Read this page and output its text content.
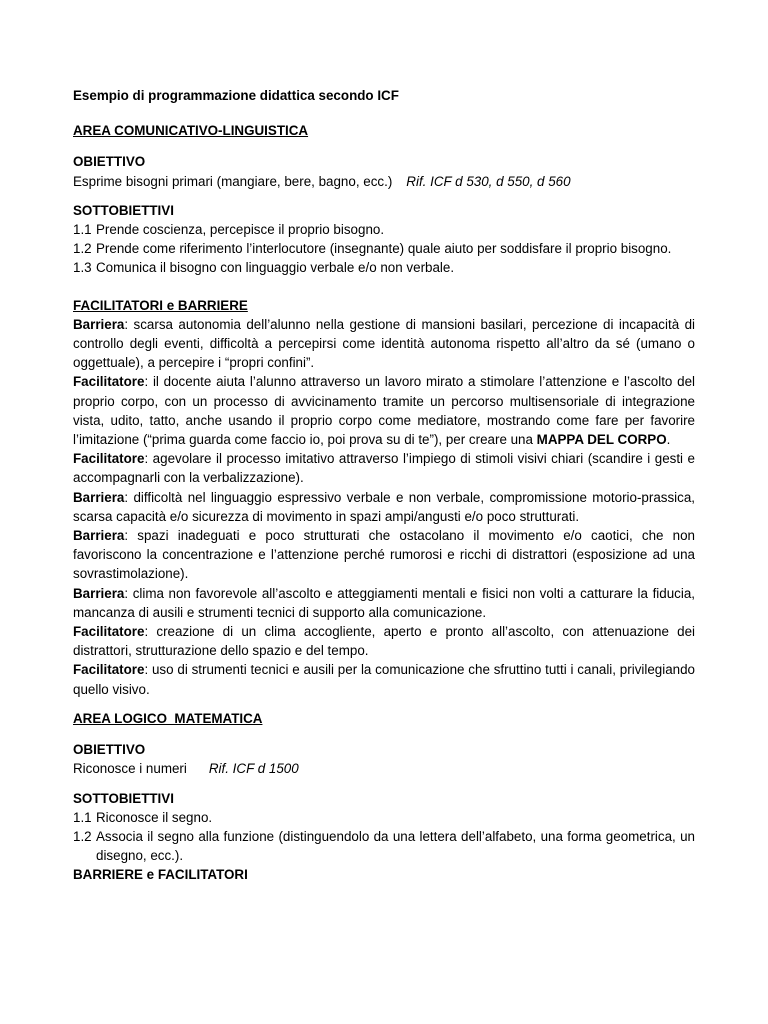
Esempio di programmazione didattica secondo ICF

AREA COMUNICATIVO-LINGUISTICA

OBIETTIVO

Esprime bisogni primari (mangiare, bere, bagno, ecc.) Rif. ICF d 530, d 550, d 560

SOTTOBIETTIVI

1.1 Prende coscienza, percepisce il proprio bisogno.
1.2 Prende come riferimento l’interlocutore (insegnante) quale aiuto per soddisfare il proprio bisogno.
1.3 Comunica il bisogno con linguaggio verbale e/o non verbale.

FACILITATORI e BARRIERE

Barriera: scarsa autonomia dell’alunno nella gestione di mansioni basilari, percezione di incapacità di controllo degli eventi, difficoltà a percepirsi come identità autonoma rispetto all’altro da sé (umano o oggettuale), a percepire i “propri confini”.

Facilitatore: il docente aiuta l’alunno attraverso un lavoro mirato a stimolare l’attenzione e l’ascolto del proprio corpo, con un processo di avvicinamento tramite un percorso multisensoriale di integrazione vista, udito, tatto, anche usando il proprio corpo come mediatore, mostrando come fare per favorire l’imitazione (“prima guarda come faccio io, poi prova su di te”), per creare una MAPPA DEL CORPO.

Facilitatore: agevolare il processo imitativo attraverso l’impiego di stimoli visivi chiari (scandire i gesti e accompagnarli con la verbalizzazione).

Barriera: difficoltà nel linguaggio espressivo verbale e non verbale, compromissione motorio-prassica, scarsa capacità e/o sicurezza di movimento in spazi ampi/angusti e/o poco strutturati.

Barriera: spazi inadeguati e poco strutturati che ostacolano il movimento e/o caotici, che non favoriscono la concentrazione e l’attenzione perché rumorosi e ricchi di distrattori (esposizione ad una sovrastimolazione).

Barriera: clima non favorevole all’ascolto e atteggiamenti mentali e fisici non volti a catturare la fiducia, mancanza di ausili e strumenti tecnici di supporto alla comunicazione.

Facilitatore: creazione di un clima accogliente, aperto e pronto all’ascolto, con attenuazione dei distrattori, strutturazione dello spazio e del tempo.

Facilitatore: uso di strumenti tecnici e ausili per la comunicazione che sfruttino tutti i canali, privilegiando quello visivo.

AREA LOGICO_MATEMATICA

OBIETTIVO

Riconosce i numeri Rif. ICF d 1500

SOTTOBIETTIVI

1.1 Riconosce il segno.
1.2 Associa il segno alla funzione (distinguendolo da una lettera dell’alfabeto, una forma geometrica, un disegno, ecc.).

BARRIERE e FACILITATORI
